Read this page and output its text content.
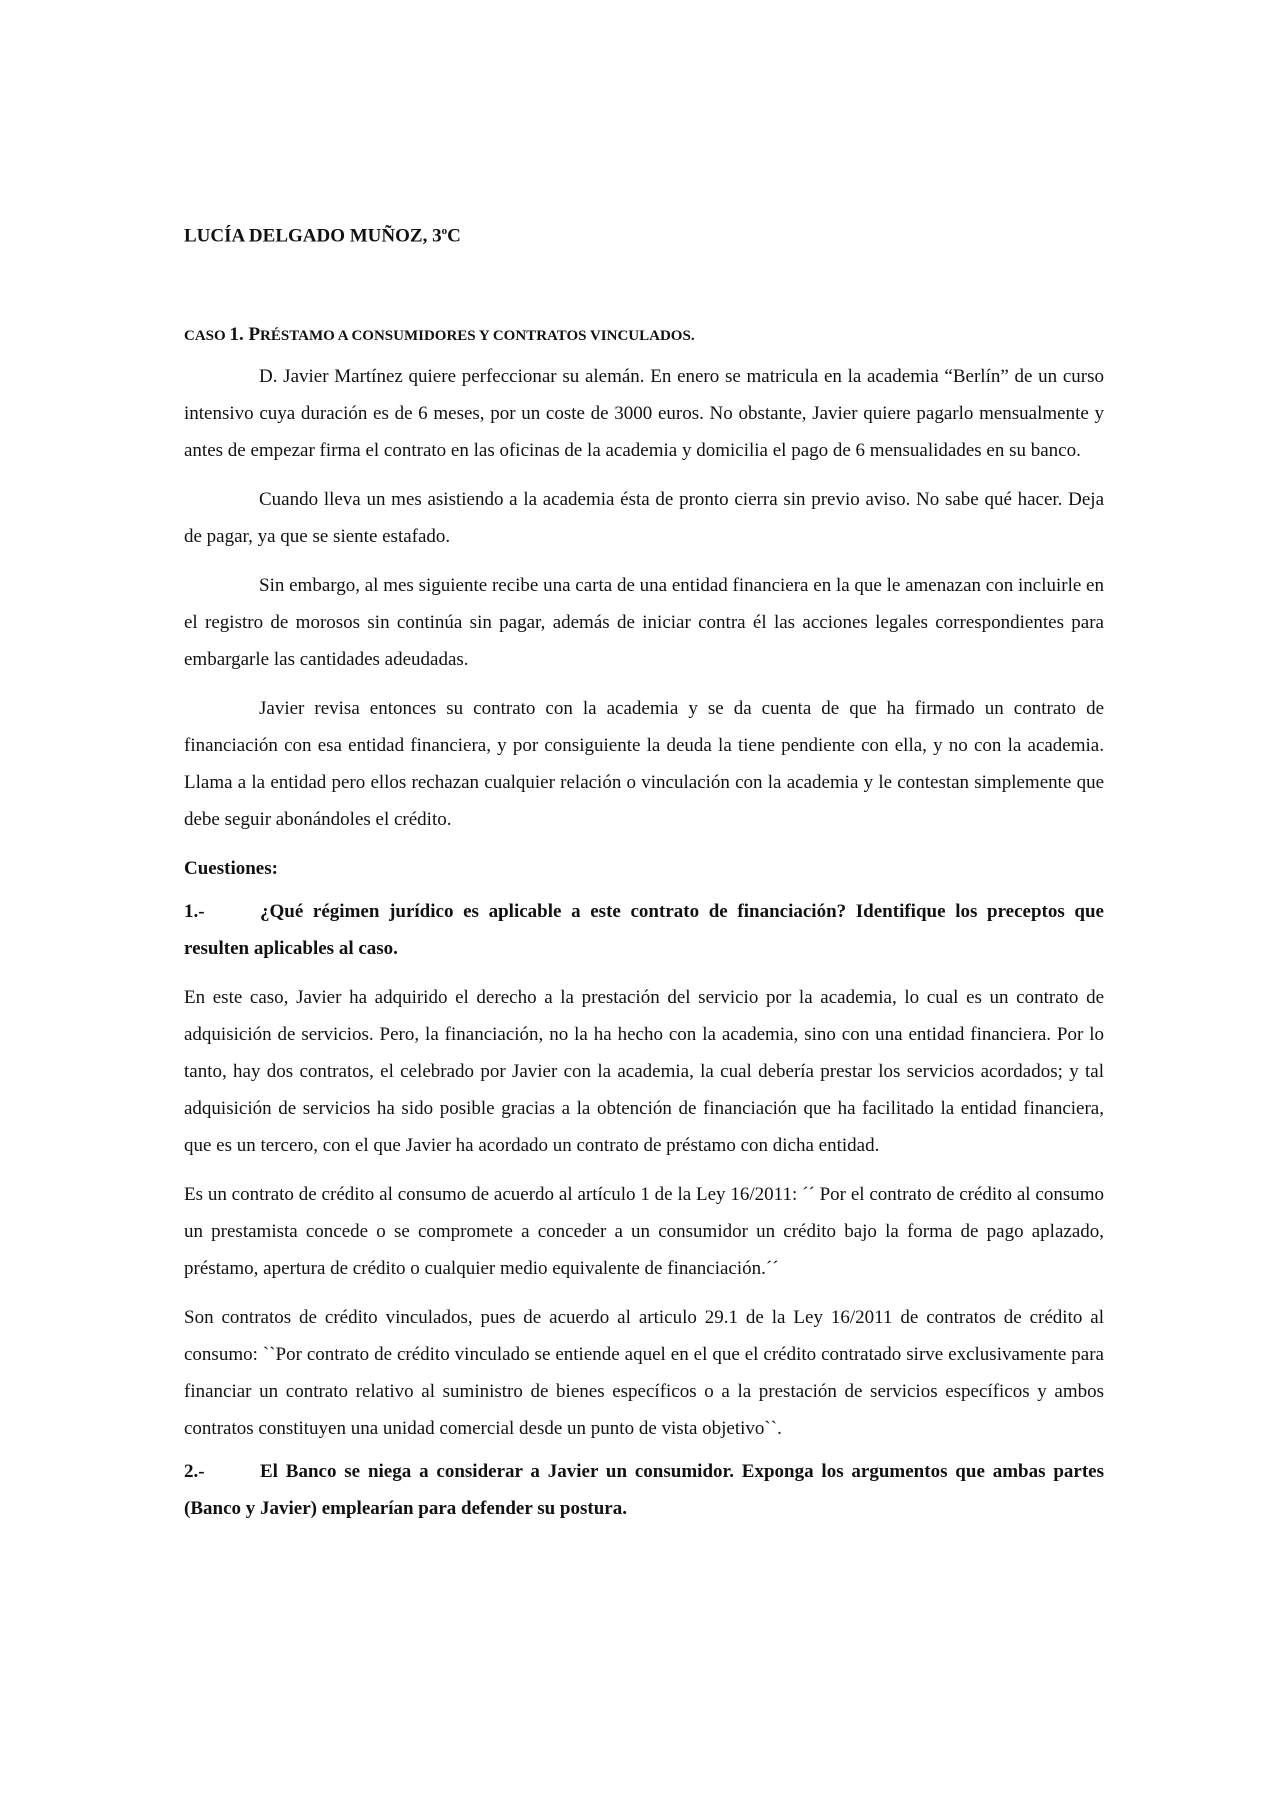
LUCÍA DELGADO MUÑOZ, 3$^o$C

CASO 1. PRÉSTAMO A CONSUMIDORES Y CONTRATOS VINCULADOS.

D. Javier Martínez quiere perfeccionar su alemán. En enero se matricula en la academia “Berlín” de un curso intensivo cuya duración es de 6 meses, por un coste de 3000 euros. No obstante, Javier quiere pagarlo mensualmente y antes de empezar firma el contrato en las oficinas de la academia y domicilia el pago de 6 mensualidades en su banco.

Cuando lleva un mes asistiendo a la academia ésta de pronto cierra sin previo aviso. No sabe qué hacer. Deja de pagar, ya que se siente estafado.

Sin embargo, al mes siguiente recibe una carta de una entidad financiera en la que le amenazan con incluirle en el registro de morosos sin continúa sin pagar, además de iniciar contra él las acciones legales correspondientes para embargarle las cantidades adeudadas.

Javier revisa entonces su contrato con la academia y se da cuenta de que ha firmado un contrato de financiación con esa entidad financiera, y por consiguiente la deuda la tiene pendiente con ella, y no con la academia. Llama a la entidad pero ellos rechazan cualquier relación o vinculación con la academia y le contestan simplemente que debe seguir abonándoles el crédito.

Cuestiones:

1.-	¿Qué régimen jurídico es aplicable a este contrato de financiación? Identifique los preceptos que resulten aplicables al caso.

En este caso, Javier ha adquirido el derecho a la prestación del servicio por la academia, lo cual es un contrato de adquisición de servicios. Pero, la financiación, no la ha hecho con la academia, sino con una entidad financiera. Por lo tanto, hay dos contratos, el celebrado por Javier con la academia, la cual debería prestar los servicios acordados; y tal adquisición de servicios ha sido posible gracias a la obtención de financiación que ha facilitado la entidad financiera, que es un tercero, con el que Javier ha acordado un contrato de préstamo con dicha entidad.

Es un contrato de crédito al consumo de acuerdo al artículo 1 de la Ley 16/2011: ´´ Por el contrato de crédito al consumo un prestamista concede o se compromete a conceder a un consumidor un crédito bajo la forma de pago aplazado, préstamo, apertura de crédito o cualquier medio equivalente de financiación.´´

Son contratos de crédito vinculados, pues de acuerdo al articulo 29.1 de la Ley 16/2011 de contratos de crédito al consumo: ``Por contrato de crédito vinculado se entiende aquel en el que el crédito contratado sirve exclusivamente para financiar un contrato relativo al suministro de bienes específicos o a la prestación de servicios específicos y ambos contratos constituyen una unidad comercial desde un punto de vista objetivo``.

2.-	El Banco se niega a considerar a Javier un consumidor. Exponga los argumentos que ambas partes (Banco y Javier) emplearían para defender su postura.
